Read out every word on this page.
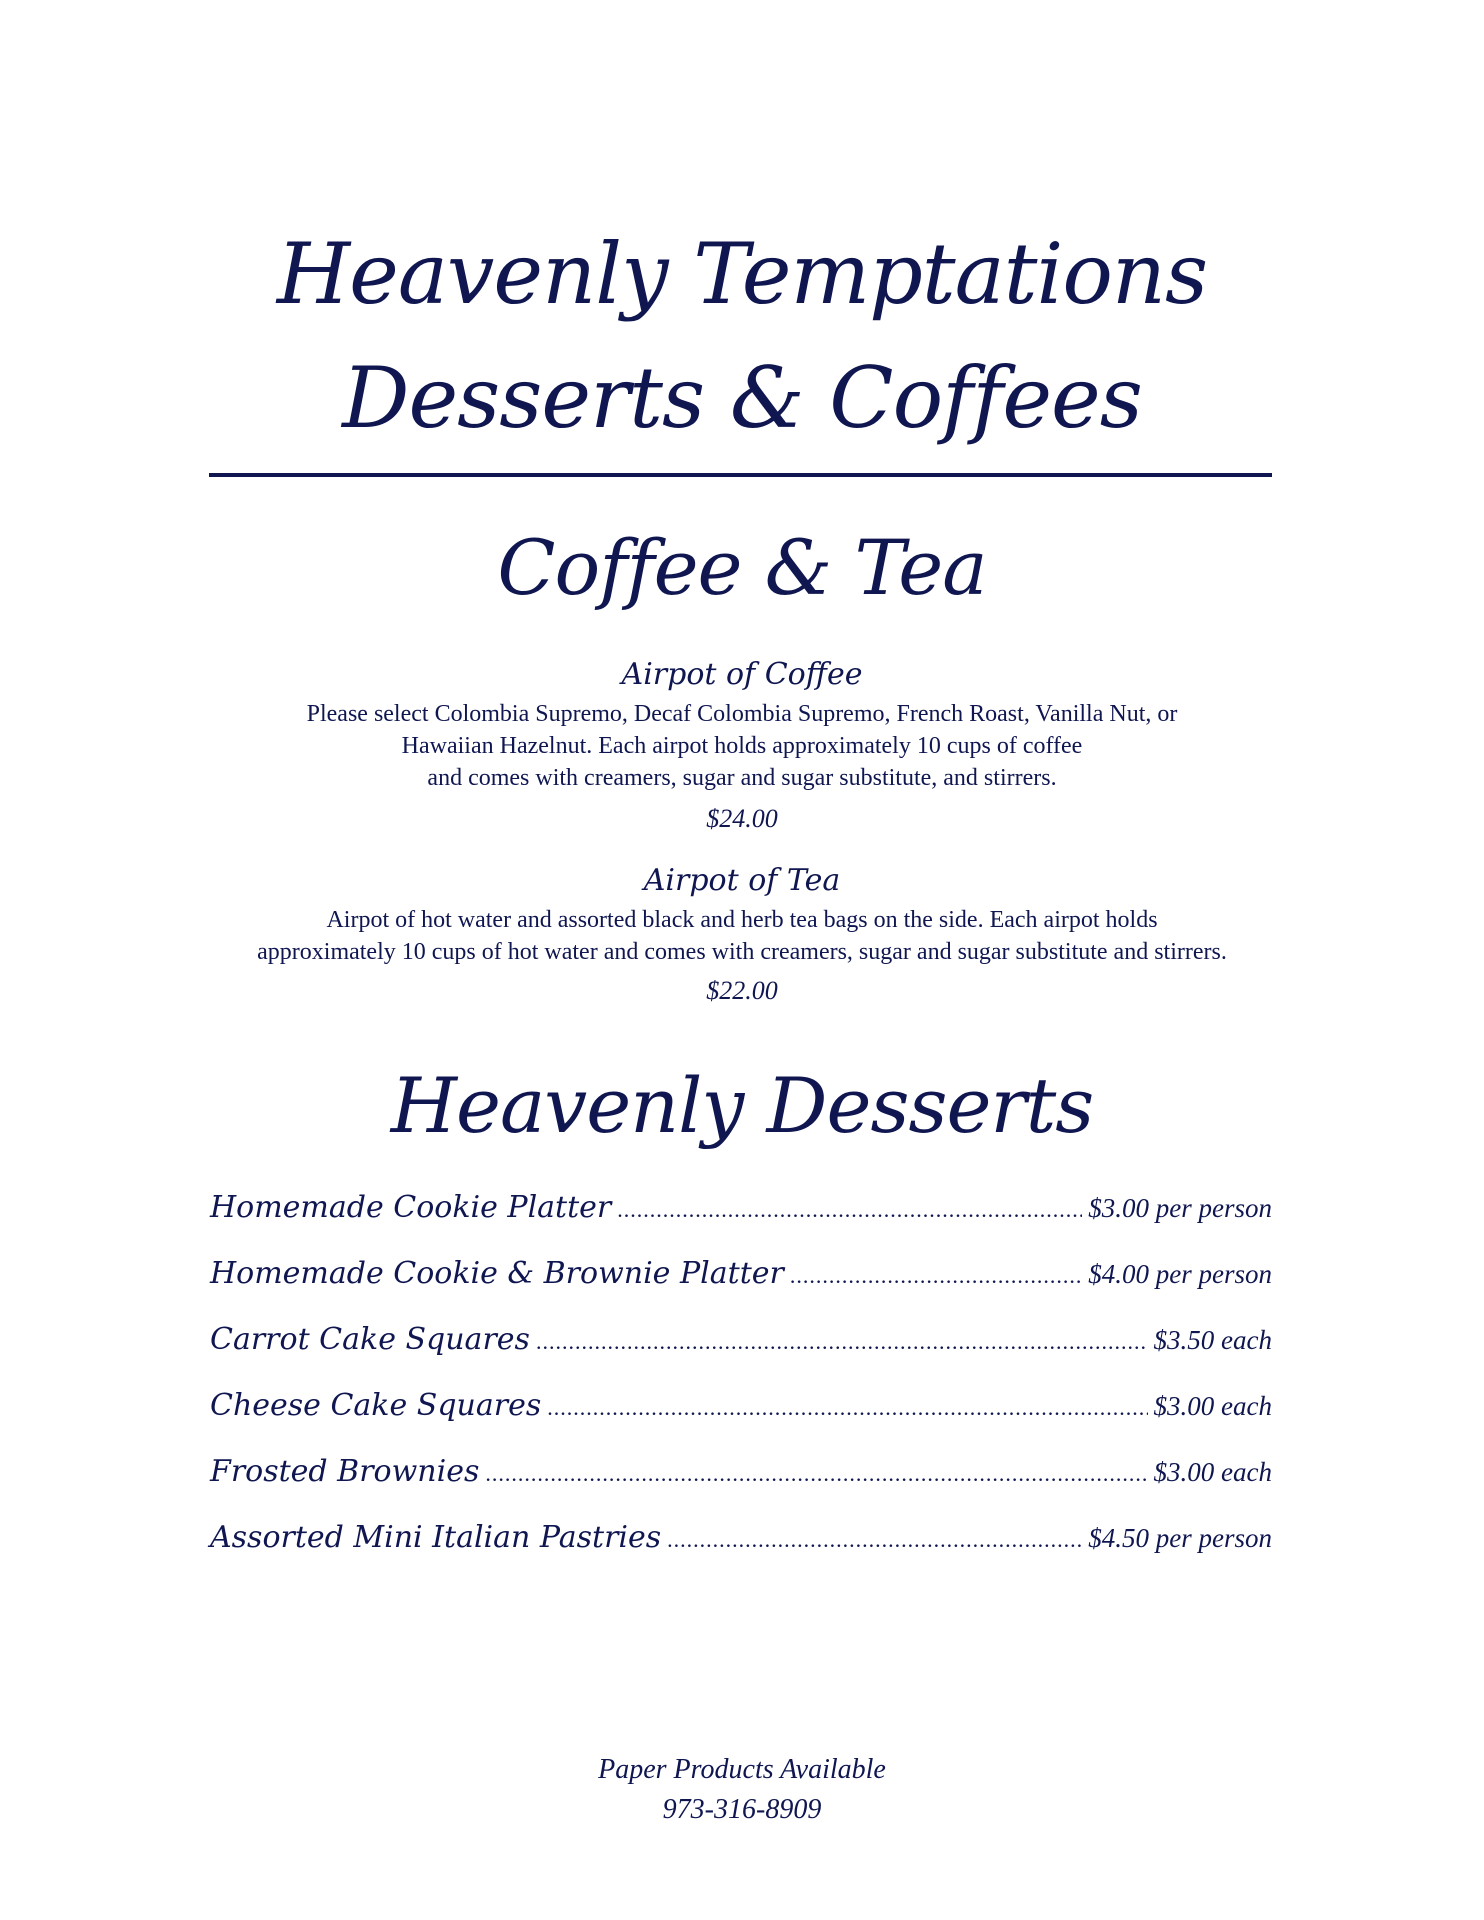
Heavenly Temptations
Desserts & Coffees
Coffee & Tea
Airpot of Coffee
Please select Colombia Supremo, Decaf Colombia Supremo, French Roast, Vanilla Nut, or
Hawaiian Hazelnut. Each airpot holds approximately 10 cups of coffee
and comes with creamers, sugar and sugar substitute, and stirrers.
$24.00
Airpot of Tea
Airpot of hot water and assorted black and herb tea bags on the side. Each airpot holds
approximately 10 cups of hot water and comes with creamers, sugar and sugar substitute and stirrers.
$22.00
Heavenly Desserts
Homemade Cookie Platter .....	$3.00 per person
Homemade Cookie & Brownie Platter .....	$4.00 per person
Carrot Cake Squares .....	$3.50 each
Cheese Cake Squares .....	$3.00 each
Frosted Brownies .....	$3.00 each
Assorted Mini Italian Pastries .....	$4.50 per person
Paper Products Available
973-316-8909
